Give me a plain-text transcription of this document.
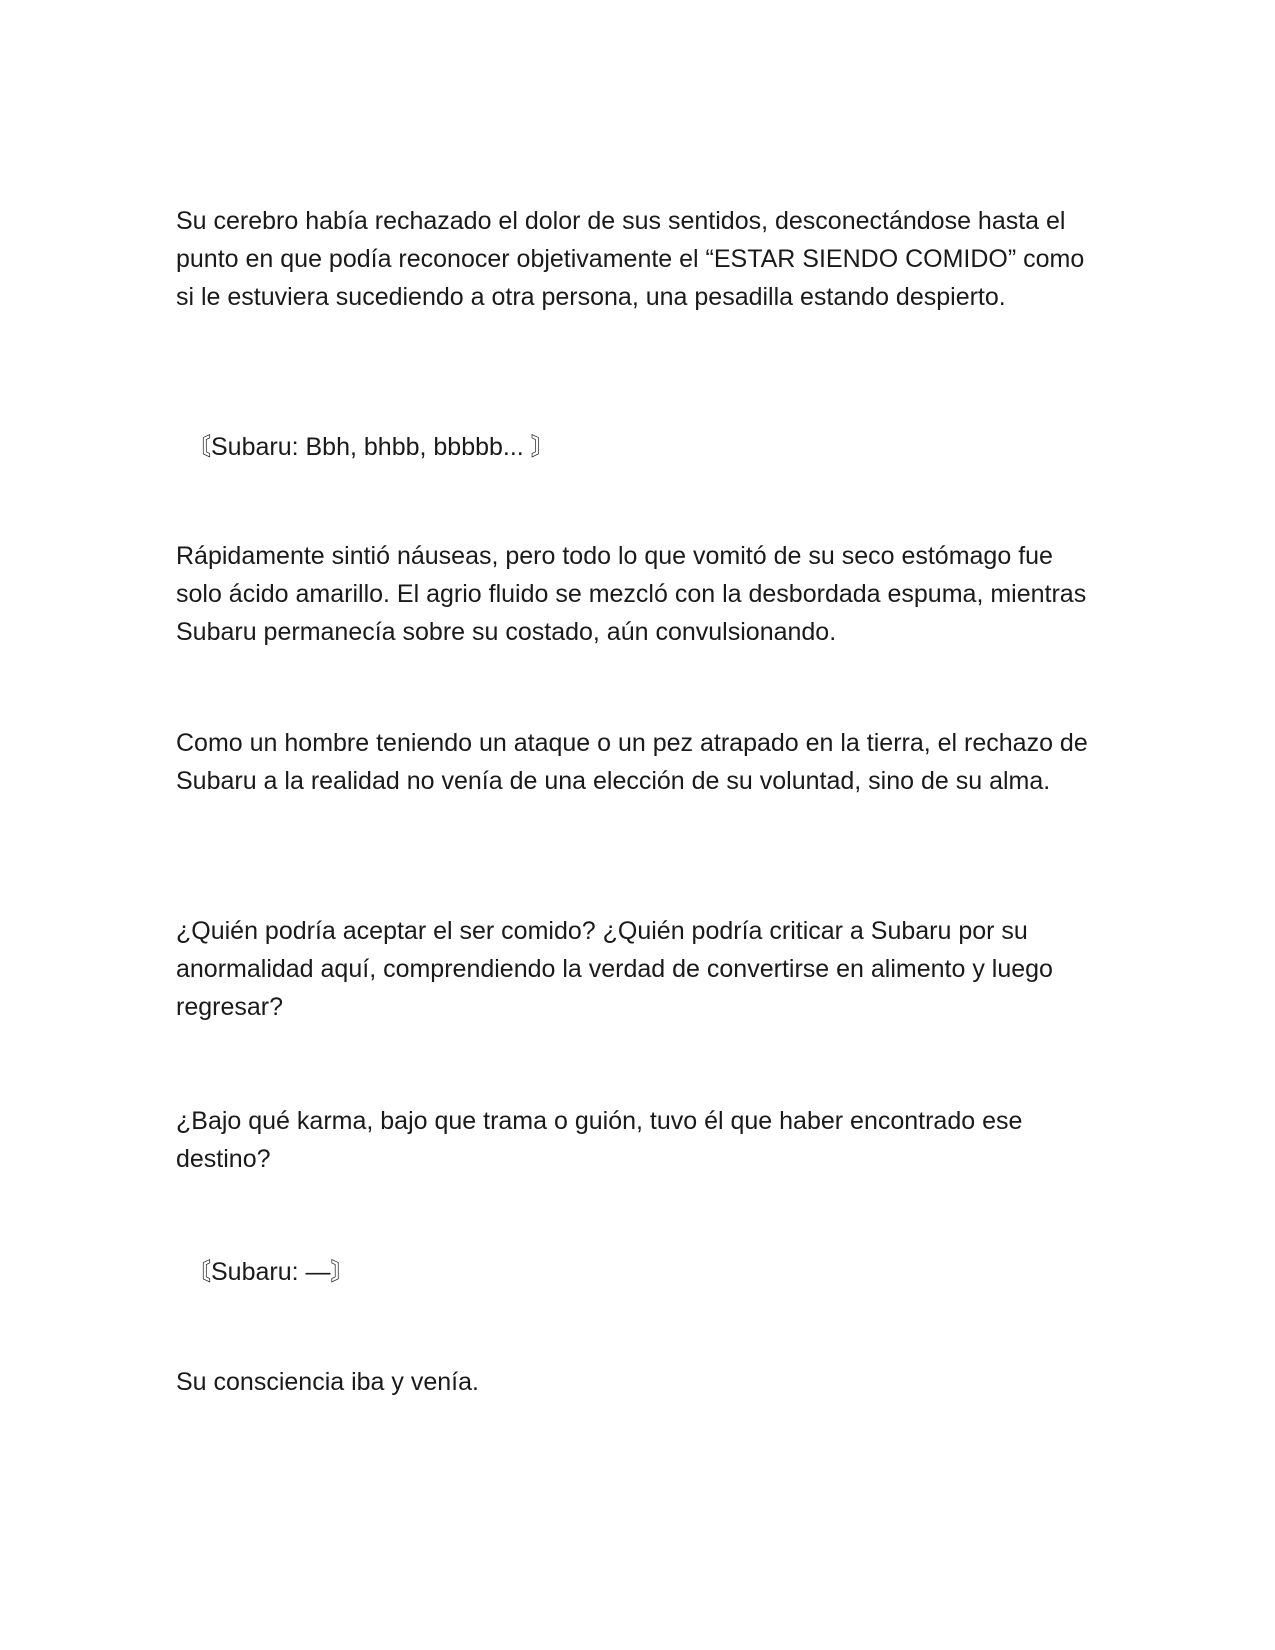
Su cerebro había rechazado el dolor de sus sentidos, desconectándose hasta el punto en que podía reconocer objetivamente el “ESTAR SIENDO COMIDO” como si le estuviera sucediendo a otra persona, una pesadilla estando despierto.

〘Subaru: Bbh, bhbb, bbbbb... 〙

Rápidamente sintió náuseas, pero todo lo que vomitó de su seco estómago fue solo ácido amarillo. El agrio fluido se mezcló con la desbordada espuma, mientras Subaru permanecía sobre su costado, aún convulsionando.

Como un hombre teniendo un ataque o un pez atrapado en la tierra, el rechazo de Subaru a la realidad no venía de una elección de su voluntad, sino de su alma.

¿Quién podría aceptar el ser comido? ¿Quién podría criticar a Subaru por su anormalidad aquí, comprendiendo la verdad de convertirse en alimento y luego regresar?

¿Bajo qué karma, bajo que trama o guión, tuvo él que haber encontrado ese destino?

〘Subaru: —〙

Su consciencia iba y venía.
